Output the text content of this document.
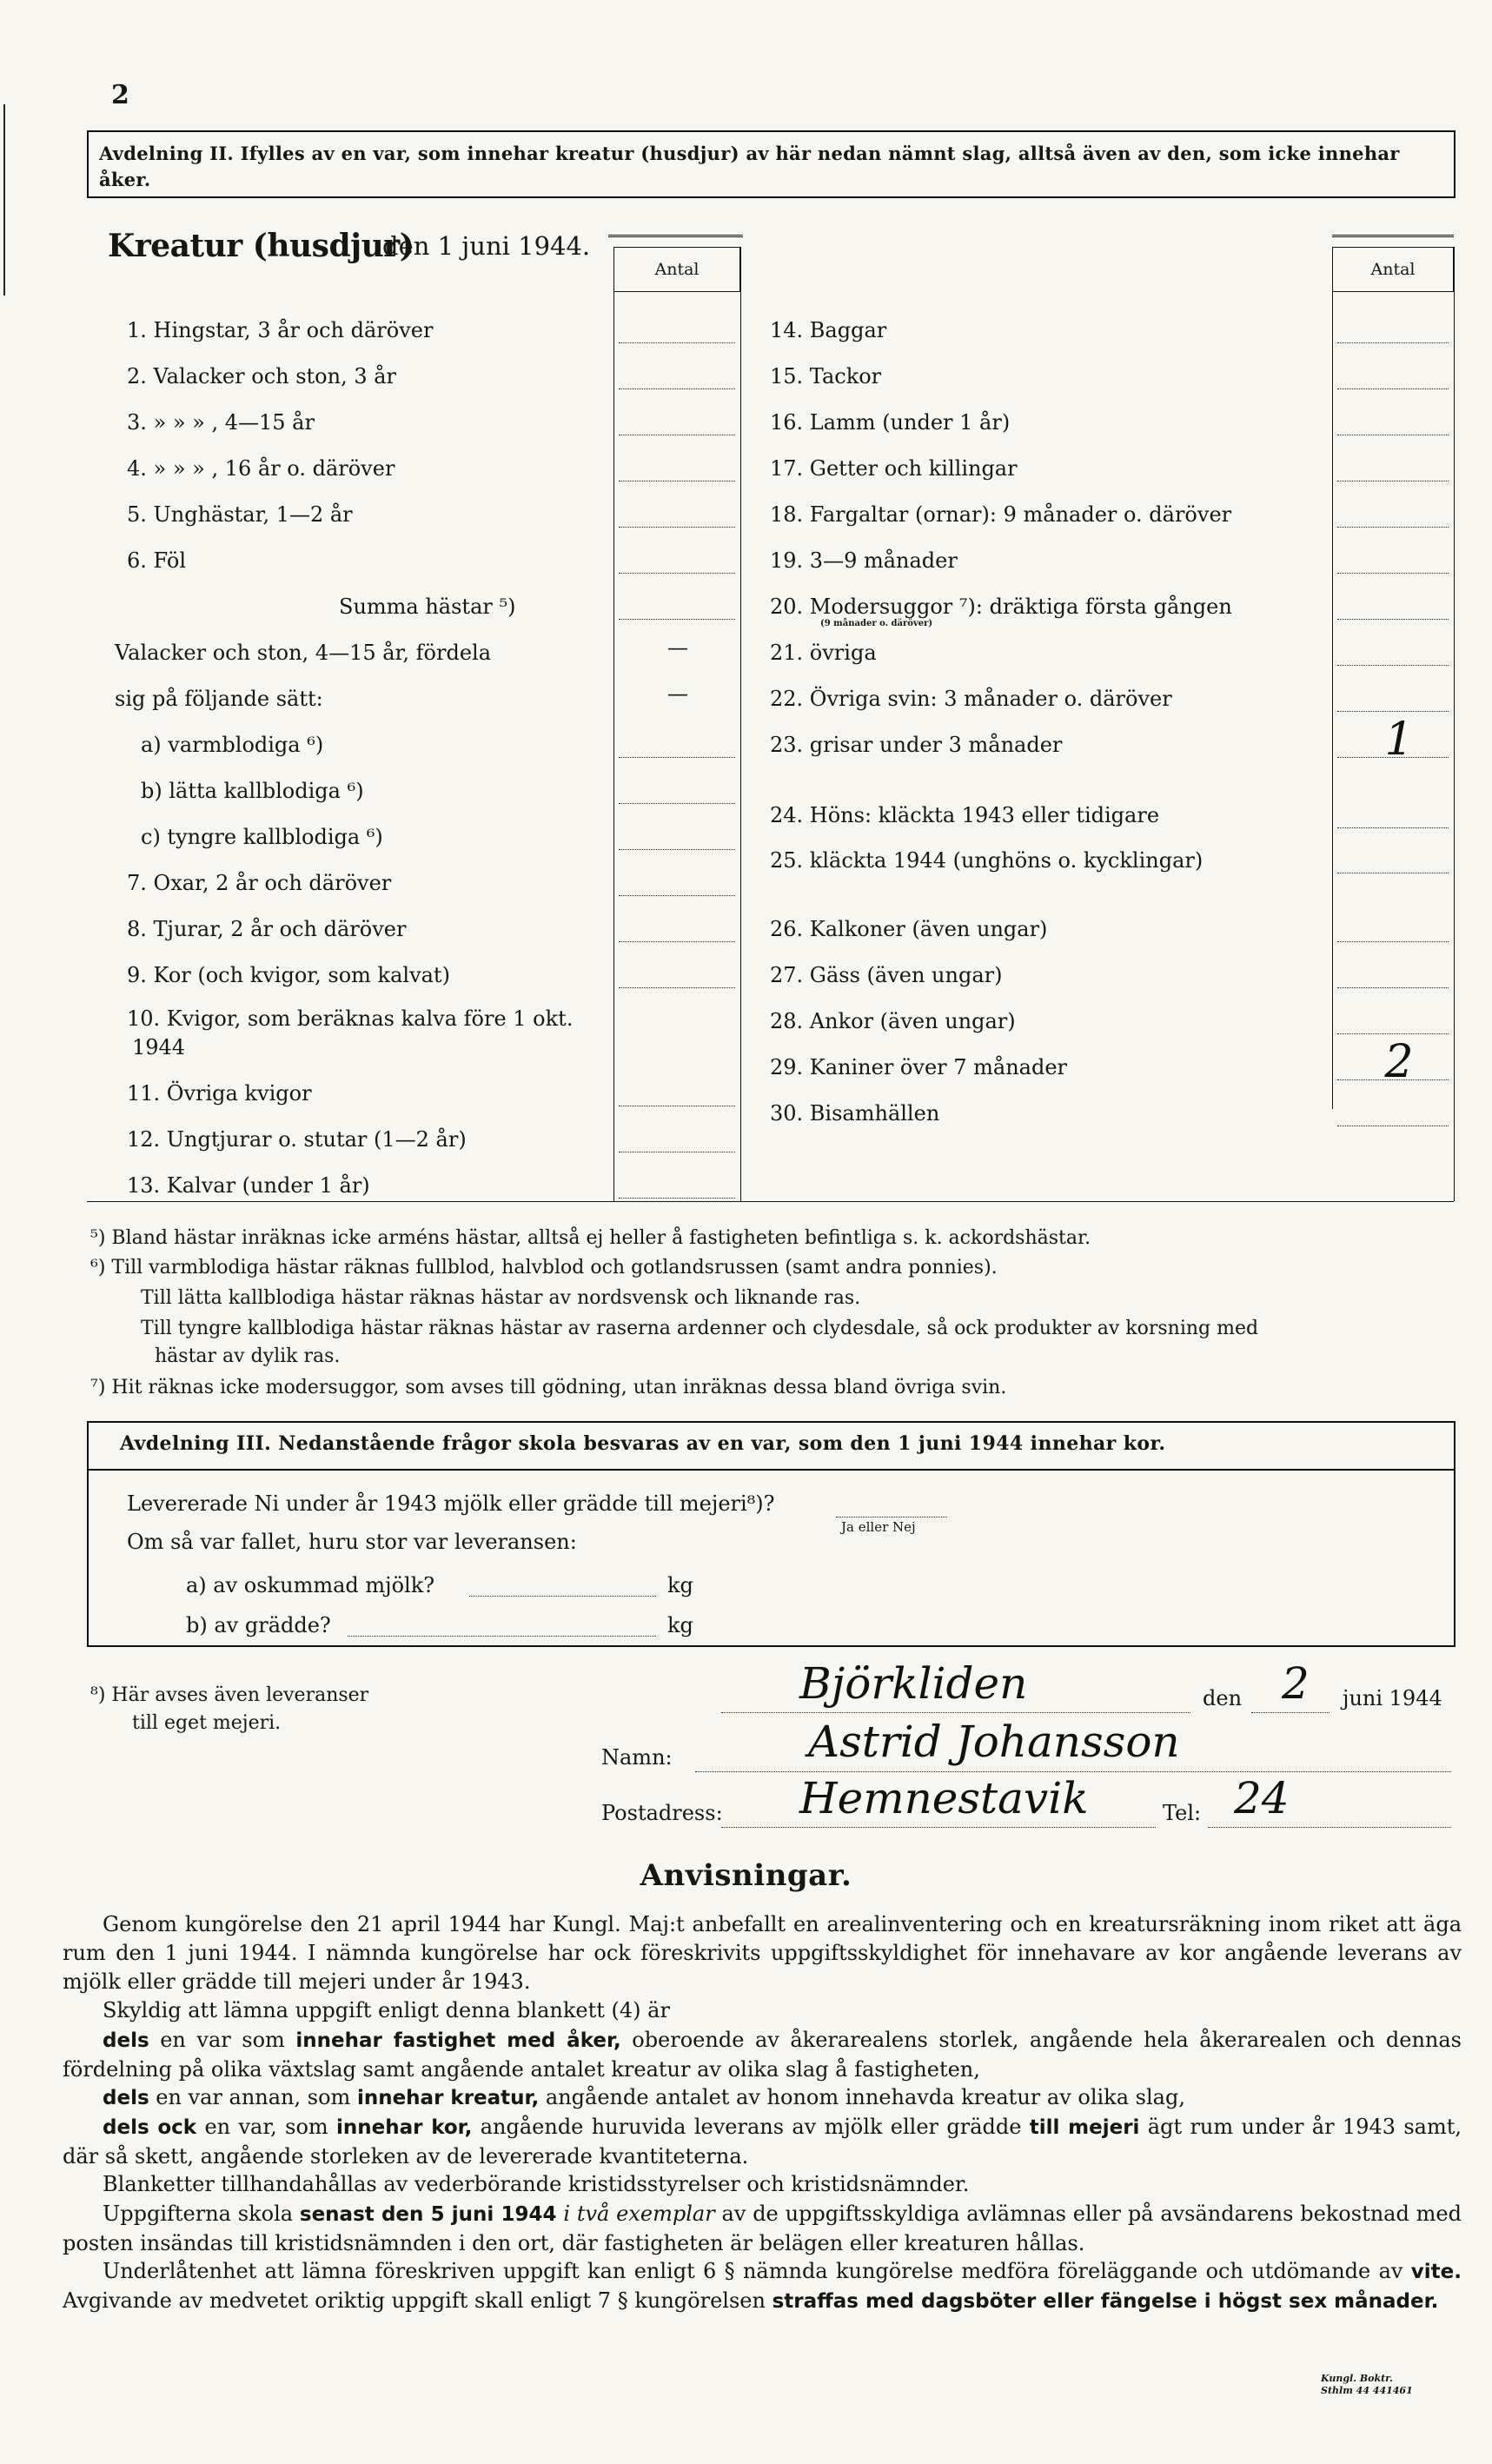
2
Avdelning II. Ifylles av en var, som innehar kreatur (husdjur) av här nedan nämnt slag, alltså även av den, som icke innehar åker.
Kreatur (husdjur)
den 1 juni 1944.
Antal	Antal
1. Hingstar, 3 år och däröver
2. Valacker och ston, 3 år
3. » » » , 4—15 år
4. » » » , 16 år o. däröver
5. Unghästar, 1—2 år
6. Föl
Summa hästar ⁵)
Valacker och ston, 4—15 år, fördela	—
sig på följande sätt:	—
a) varmblodiga ⁶)
b) lätta kallblodiga ⁶)
c) tyngre kallblodiga ⁶)
7. Oxar, 2 år och däröver
8. Tjurar, 2 år och däröver
9. Kor (och kvigor, som kalvat)
10. Kvigor, som beräknas kalva före 1 okt.
1944
11. Övriga kvigor
12. Ungtjurar o. stutar (1—2 år)
13. Kalvar (under 1 år)
14. Baggar
15. Tackor
16. Lamm (under 1 år)
17. Getter och killingar
18. Fargaltar (ornar): 9 månader o. däröver
19. 3—9 månader
20. Modersuggor ⁷): dräktiga första gången
(9 månader o. däröver)
21. övriga
22. Övriga svin: 3 månader o. däröver
23. grisar under 3 månader	1
24. Höns: kläckta 1943 eller tidigare
25. kläckta 1944 (unghöns o. kycklingar)
26. Kalkoner (även ungar)
27. Gäss (även ungar)
28. Ankor (även ungar)
29. Kaniner över 7 månader	2
30. Bisamhällen
⁵) Bland hästar inräknas icke arméns hästar, alltså ej heller å fastigheten befintliga s. k. ackordshästar.
⁶) Till varmblodiga hästar räknas fullblod, halvblod och gotlandsrussen (samt andra ponnies).
Till lätta kallblodiga hästar räknas hästar av nordsvensk och liknande ras.
Till tyngre kallblodiga hästar räknas hästar av raserna ardenner och clydesdale, så ock produkter av korsning med
hästar av dylik ras.
⁷) Hit räknas icke modersuggor, som avses till gödning, utan inräknas dessa bland övriga svin.
Avdelning III. Nedanstående frågor skola besvaras av en var, som den 1 juni 1944 innehar kor.
Levererade Ni under år 1943 mjölk eller grädde till mejeri⁸)?
Ja eller Nej
Om så var fallet, huru stor var leveransen:
a) av oskummad mjölk?	kg
b) av grädde?	kg
⁸) Här avses även leveranser
till eget mejeri.
Björkliden	den 2 juni 1944
Namn:	Astrid Johansson
Postadress: Hemnestavik	Tel: 24
Anvisningar.
Genom kungörelse den 21 april 1944 har Kungl. Maj:t anbefallt en arealinventering och en kreatursräkning inom riket att äga rum den 1 juni 1944. I nämnda kungörelse har ock föreskrivits uppgiftsskyldighet för innehavare av kor angående leverans av mjölk eller grädde till mejeri under år 1943.
Skyldig att lämna uppgift enligt denna blankett (4) är
dels en var som innehar fastighet med åker, oberoende av åkerarealens storlek, angående hela åkerarealen och dennas fördelning på olika växtslag samt angående antalet kreatur av olika slag å fastigheten,
dels en var annan, som innehar kreatur, angående antalet av honom innehavda kreatur av olika slag,
dels ock en var, som innehar kor, angående huruvida leverans av mjölk eller grädde till mejeri ägt rum under år 1943 samt, där så skett, angående storleken av de levererade kvantiteterna.
Blanketter tillhandahållas av vederbörande kristidsstyrelser och kristidsnämnder.
Uppgifterna skola senast den 5 juni 1944 i två exemplar av de uppgiftsskyldiga avlämnas eller på avsändarens bekostnad med posten insändas till kristidsnämnden i den ort, där fastigheten är belägen eller kreaturen hållas.
Underlåtenhet att lämna föreskriven uppgift kan enligt 6 § nämnda kungörelse medföra föreläggande och utdömande av vite. Avgivande av medvetet oriktig uppgift skall enligt 7 § kungörelsen straffas med dagsböter eller fängelse i högst sex månader.
Kungl. Boktr. Sthlm 44 441461
